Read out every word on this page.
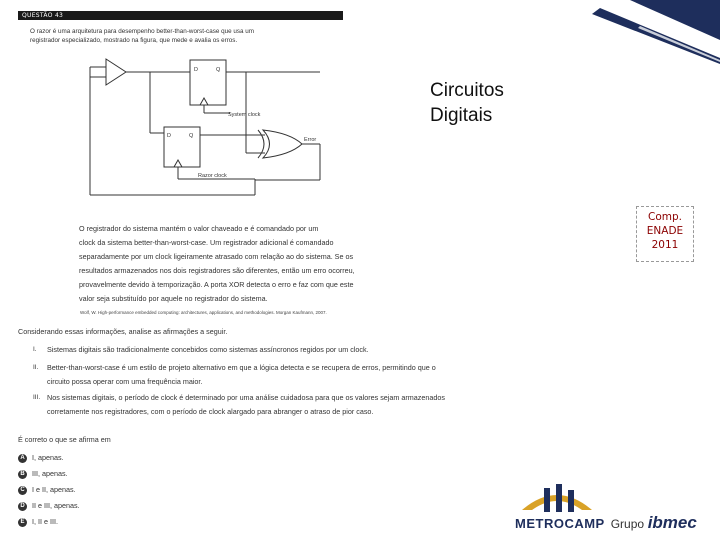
QUESTÃO 43
O razor é uma arquitetura para desempenho better-than-worst-case que usa um
registrador especializado, mostrado na figura, que mede e avalia os erros.
D	Q
D	Q
System clock
Razor clock
Error
Circuitos
Digitais
Comp.
ENADE
2011
O registrador do sistema mantém o valor chaveado e é comandado por um
clock da sistema better-than-worst-case. Um registrador adicional é comandado
separadamente por um clock ligeiramente atrasado com relação ao do sistema. Se os
resultados armazenados nos dois registradores são diferentes, então um erro ocorreu,
provavelmente devido à temporização. A porta XOR detecta o erro e faz com que este
valor seja substituído por aquele no registrador do sistema.
Wolf, W. High-performance embedded computing: architectures, applications, and methodologies. Morgan Kaufmann, 2007.
Considerando essas informações, analise as afirmações a seguir.
I. Sistemas digitais são tradicionalmente concebidos como sistemas assíncronos regidos por um clock.
II. Better-than-worst-case é um estilo de projeto alternativo em que a lógica detecta e se recupera de erros, permitindo que o circuito possa operar com uma frequência maior.
III. Nos sistemas digitais, o período de clock é determinado por uma análise cuidadosa para que os valores sejam armazenados corretamente nos registradores, com o período de clock alargado para abranger o atraso de pior caso.
É correto o que se afirma em
A I, apenas.
B III, apenas.
C I e II, apenas.
D II e III, apenas.
E I, II e III.	METROCAMP Grupo ibmec
